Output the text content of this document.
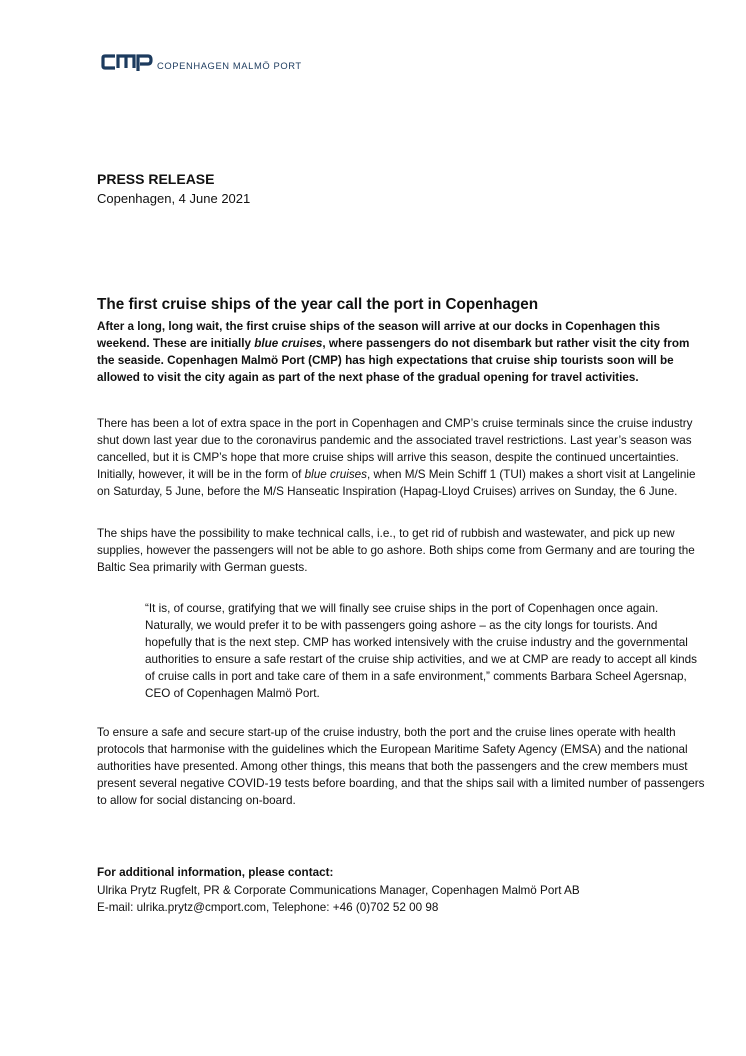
COPENHAGEN MALMÖ PORT
PRESS RELEASE
Copenhagen, 4 June 2021
The first cruise ships of the year call the port in Copenhagen

After a long, long wait, the first cruise ships of the season will arrive at our docks in Copenhagen this weekend. These are initially blue cruises, where passengers do not disembark but rather visit the city from the seaside. Copenhagen Malmö Port (CMP) has high expectations that cruise ship tourists soon will be allowed to visit the city again as part of the next phase of the gradual opening for travel activities.

There has been a lot of extra space in the port in Copenhagen and CMP’s cruise terminals since the cruise industry shut down last year due to the coronavirus pandemic and the associated travel restrictions. Last year’s season was cancelled, but it is CMP’s hope that more cruise ships will arrive this season, despite the continued uncertainties. Initially, however, it will be in the form of blue cruises, when M/S Mein Schiff 1 (TUI) makes a short visit at Langelinie on Saturday, 5 June, before the M/S Hanseatic Inspiration (Hapag-Lloyd Cruises) arrives on Sunday, the 6 June.

The ships have the possibility to make technical calls, i.e., to get rid of rubbish and wastewater, and pick up new supplies, however the passengers will not be able to go ashore. Both ships come from Germany and are touring the Baltic Sea primarily with German guests.

“It is, of course, gratifying that we will finally see cruise ships in the port of Copenhagen once again. Naturally, we would prefer it to be with passengers going ashore – as the city longs for tourists. And hopefully that is the next step. CMP has worked intensively with the cruise industry and the governmental authorities to ensure a safe restart of the cruise ship activities, and we at CMP are ready to accept all kinds of cruise calls in port and take care of them in a safe environment,” comments Barbara Scheel Agersnap, CEO of Copenhagen Malmö Port.

To ensure a safe and secure start-up of the cruise industry, both the port and the cruise lines operate with health protocols that harmonise with the guidelines which the European Maritime Safety Agency (EMSA) and the national authorities have presented. Among other things, this means that both the passengers and the crew members must present several negative COVID-19 tests before boarding, and that the ships sail with a limited number of passengers to allow for social distancing on-board.

For additional information, please contact:
Ulrika Prytz Rugfelt, PR & Corporate Communications Manager, Copenhagen Malmö Port AB
E-mail: ulrika.prytz@cmport.com, Telephone: +46 (0)702 52 00 98
